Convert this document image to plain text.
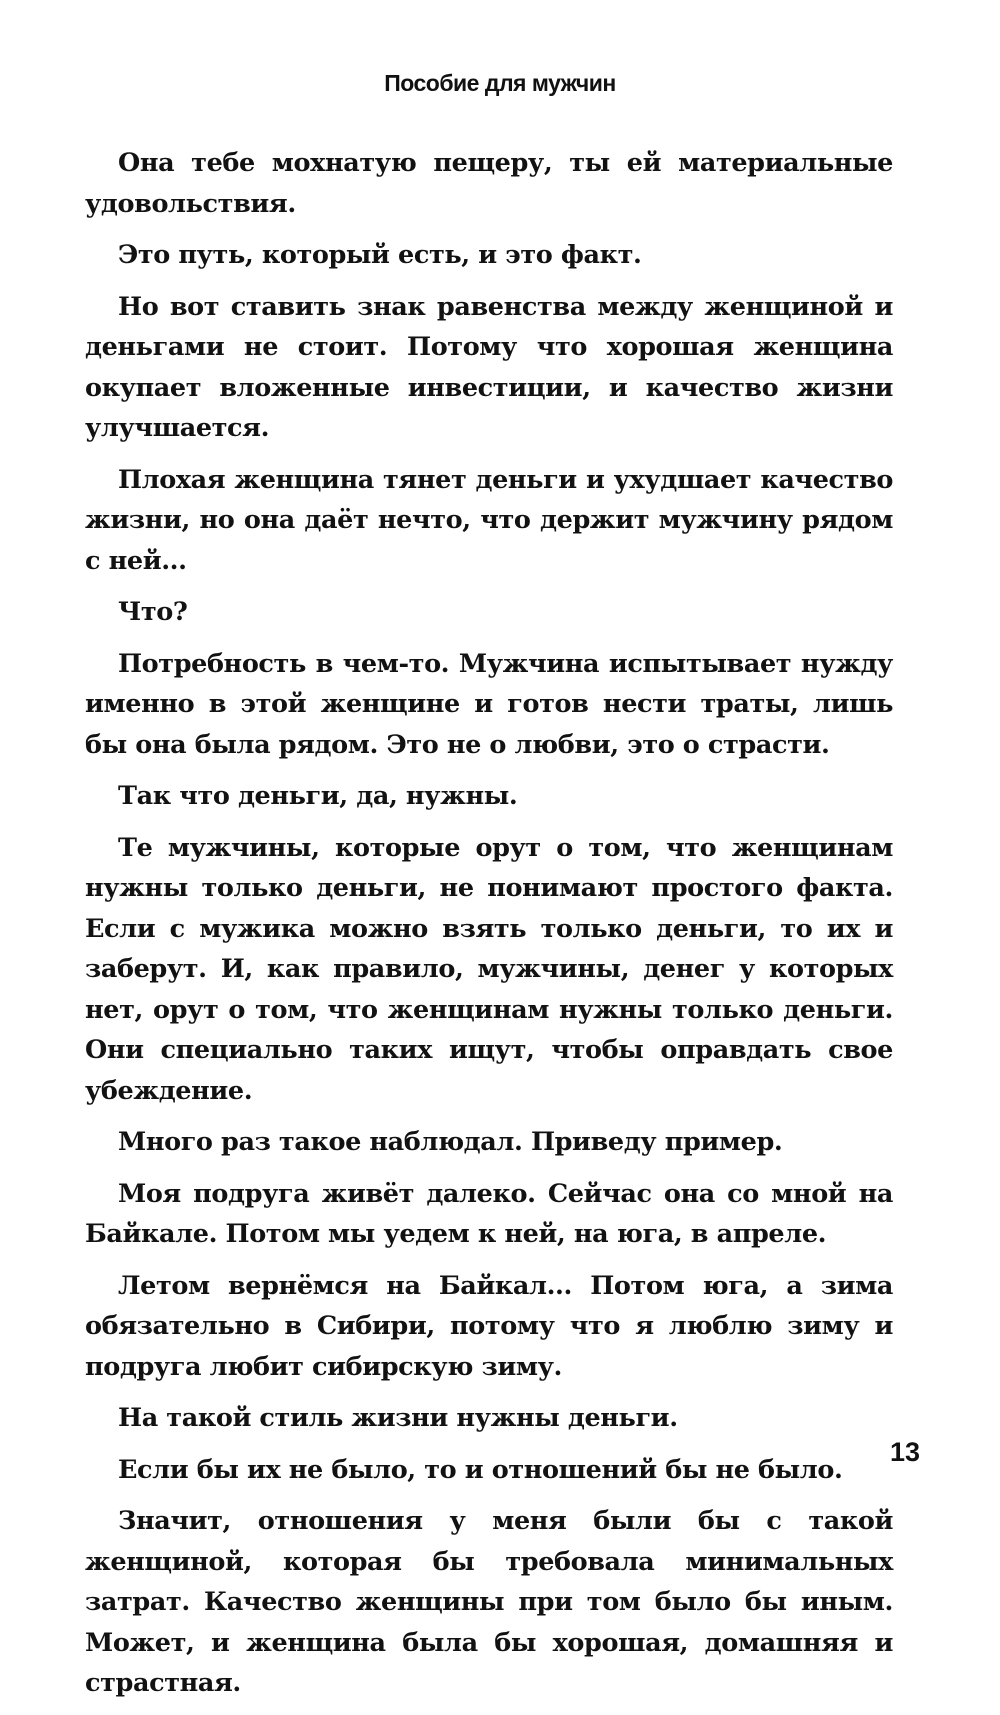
Пособие для мужчин

Она тебе мохнатую пещеру, ты ей материальные удовольствия.

Это путь, который есть, и это факт.

Но вот ставить знак равенства между женщиной и деньгами не стоит. Потому что хорошая женщина окупает вложенные инвестиции, и качество жизни улучшается.

Плохая женщина тянет деньги и ухудшает качество жизни, но она даёт нечто, что держит мужчину рядом с ней...

Что?

Потребность в чем-то. Мужчина испытывает нужду именно в этой женщине и готов нести траты, лишь бы она была рядом. Это не о любви, это о страсти.

Так что деньги, да, нужны.

Те мужчины, которые орут о том, что женщинам нужны только деньги, не понимают простого факта. Если с мужика можно взять только деньги, то их и заберут. И, как правило, мужчины, денег у которых нет, орут о том, что женщинам нужны только деньги. Они специально таких ищут, чтобы оправдать свое убеждение.

Много раз такое наблюдал. Приведу пример.

Моя подруга живёт далеко. Сейчас она со мной на Байкале. Потом мы уедем к ней, на юга, в апреле.

Летом вернёмся на Байкал... Потом юга, а зима обязательно в Сибири, потому что я люблю зиму и подруга любит сибирскую зиму.

На такой стиль жизни нужны деньги.

Если бы их не было, то и отношений бы не было.

Значит, отношения у меня были бы с такой женщиной, которая бы требовала минимальных затрат. Качество женщины при том было бы иным. Может, и женщина была бы хорошая, домашняя и страстная.

13
